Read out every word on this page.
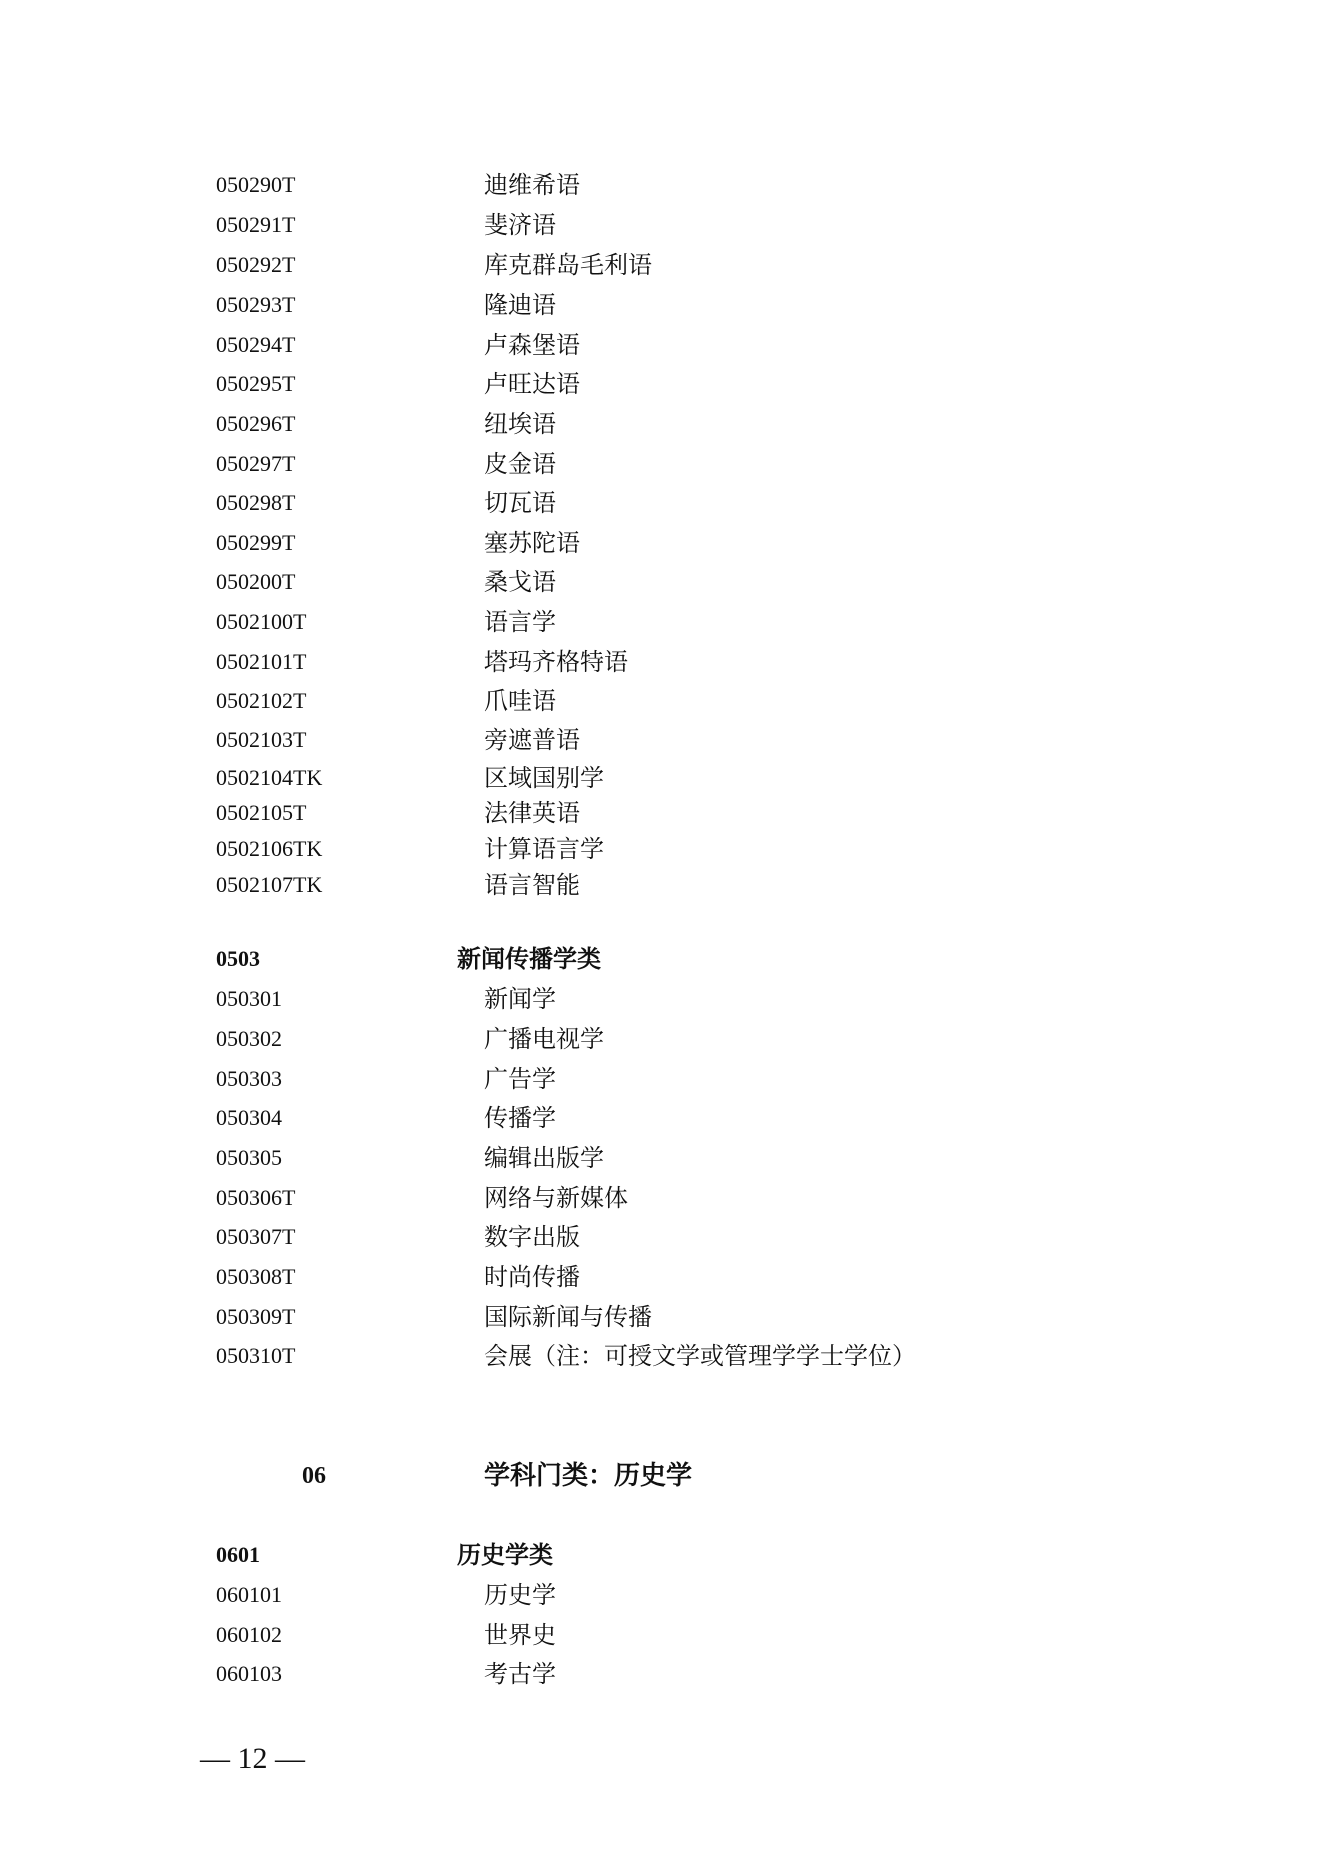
050290T	迪维希语
050291T	斐济语
050292T	库克群岛毛利语
050293T	隆迪语
050294T	卢森堡语
050295T	卢旺达语
050296T	纽埃语
050297T	皮金语
050298T	切瓦语
050299T	塞苏陀语
050200T	桑戈语
0502100T	语言学
0502101T	塔玛齐格特语
0502102T	爪哇语
0502103T	旁遮普语
0502104TK	区域国别学
0502105T	法律英语
0502106TK	计算语言学
0502107TK	语言智能
0503	新闻传播学类
050301	新闻学
050302	广播电视学
050303	广告学
050304	传播学
050305	编辑出版学
050306T	网络与新媒体
050307T	数字出版
050308T	时尚传播
050309T	国际新闻与传播
050310T	会展（注：可授文学或管理学学士学位）
06	学科门类：历史学
0601	历史学类
060101	历史学
060102	世界史
060103	考古学
— 12 —
